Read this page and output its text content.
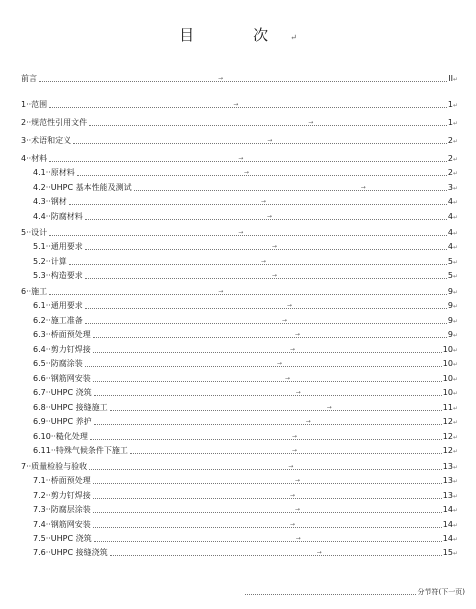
目　次↵
前言	→	II↵
1··范围	→	1↵
2··规范性引用文件	→	1↵
3··术语和定义	→	2↵
4··材料	→	2↵
4.1··原材料	→	2↵
4.2··UHPC 基本性能及测试	→	3↵
4.3··钢材	→	4↵
4.4··防腐材料	→	4↵
5··设计	→	4↵
5.1··通用要求	→	4↵
5.2··计算	→	5↵
5.3··构造要求	→	5↵
6··施工	→	9↵
6.1··通用要求	→	9↵
6.2··施工准备	→	9↵
6.3··桥面预处理	→	9↵
6.4··剪力钉焊接	→	10↵
6.5··防腐涂装	→	10↵
6.6··钢筋网安装	→	10↵
6.7··UHPC 浇筑	→	10↵
6.8··UHPC 接缝施工	→	11↵
6.9··UHPC 养护	→	12↵
6.10··糙化处理	→	12↵
6.11··特殊气候条件下施工	→	12↵
7··质量检验与验收	→	13↵
7.1··桥面预处理	→	13↵
7.2··剪力钉焊接	→	13↵
7.3··防腐层涂装	→	14↵
7.4··钢筋网安装	→	14↵
7.5··UHPC 浇筑	→	14↵
7.6··UHPC 接缝浇筑	→	15↵
分节符(下一页)
